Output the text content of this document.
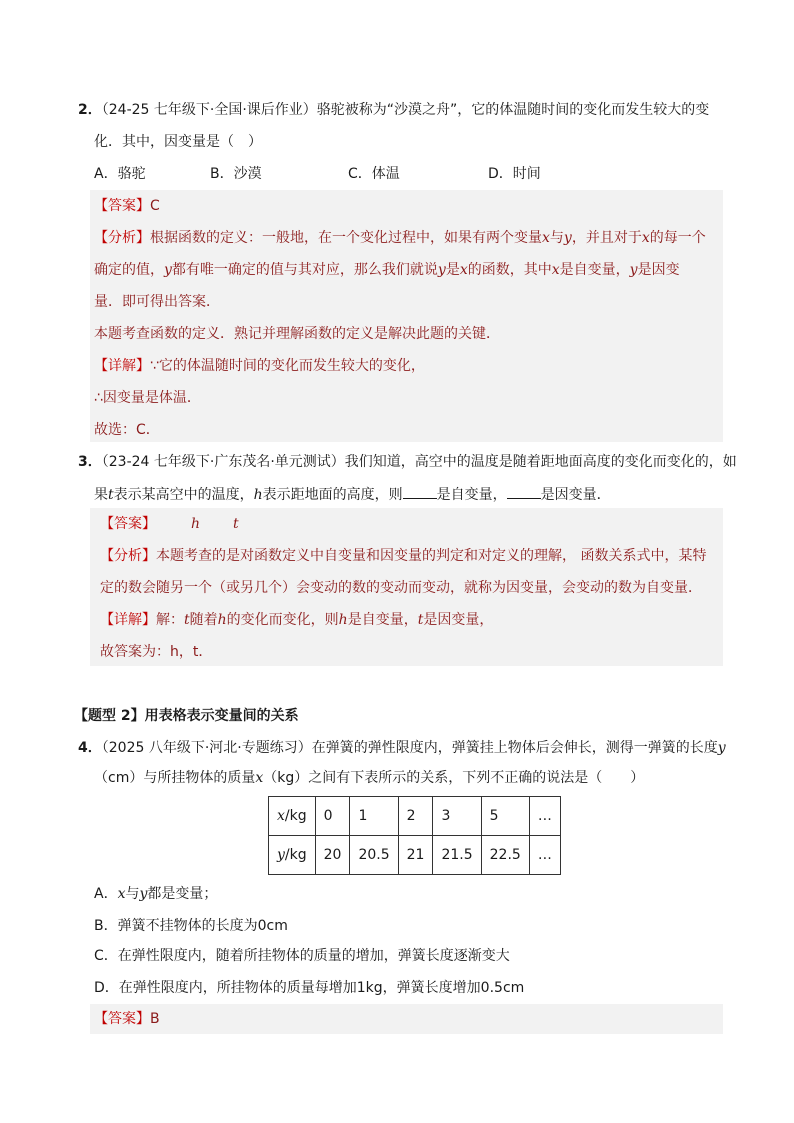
2．（24-25 七年级下·全国·课后作业）骆驼被称为“沙漠之舟”，它的体温随时间的变化而发生较大的变
化．其中，因变量是（　）
A．骆驼	B．沙漠	C．体温	D．时间
【答案】C
【分析】根据函数的定义：一般地，在一个变化过程中，如果有两个变量x与y，并且对于x的每一个
确定的值，y都有唯一确定的值与其对应，那么我们就说y是x的函数，其中x是自变量，y是因变
量．即可得出答案．
本题考查函数的定义．熟记并理解函数的定义是解决此题的关键．
【详解】∵它的体温随时间的变化而发生较大的变化，
∴因变量是体温．
故选：C．
3．（23-24 七年级下·广东茂名·单元测试）我们知道，高空中的温度是随着距地面高度的变化而变化的，如
果t表示某高空中的温度，h表示距地面的高度，则 是自变量， 是因变量．
【答案】	h t
【分析】本题考查的是对函数定义中自变量和因变量的判定和对定义的理解， 函数关系式中，某特
定的数会随另一个（或另几个）会变动的数的变动而变动，就称为因变量，会变动的数为自变量．
【详解】解：t随着h的变化而变化，则h是自变量，t是因变量，
故答案为：h，t．
【题型 2】用表格表示变量间的关系
4．（2025 八年级下·河北·专题练习）在弹簧的弹性限度内，弹簧挂上物体后会伸长，测得一弹簧的长度y
（cm）与所挂物体的质量x（kg）之间有下表所示的关系，下列不正确的说法是（　　）
x/kg	0	1	2	3	5	…
y/kg	20	20.5	21	21.5	22.5	…
A．x与y都是变量；
B．弹簧不挂物体的长度为0cm
C．在弹性限度内，随着所挂物体的质量的增加，弹簧长度逐渐变大
D．在弹性限度内，所挂物体的质量每增加1kg，弹簧长度增加0.5cm
【答案】B
